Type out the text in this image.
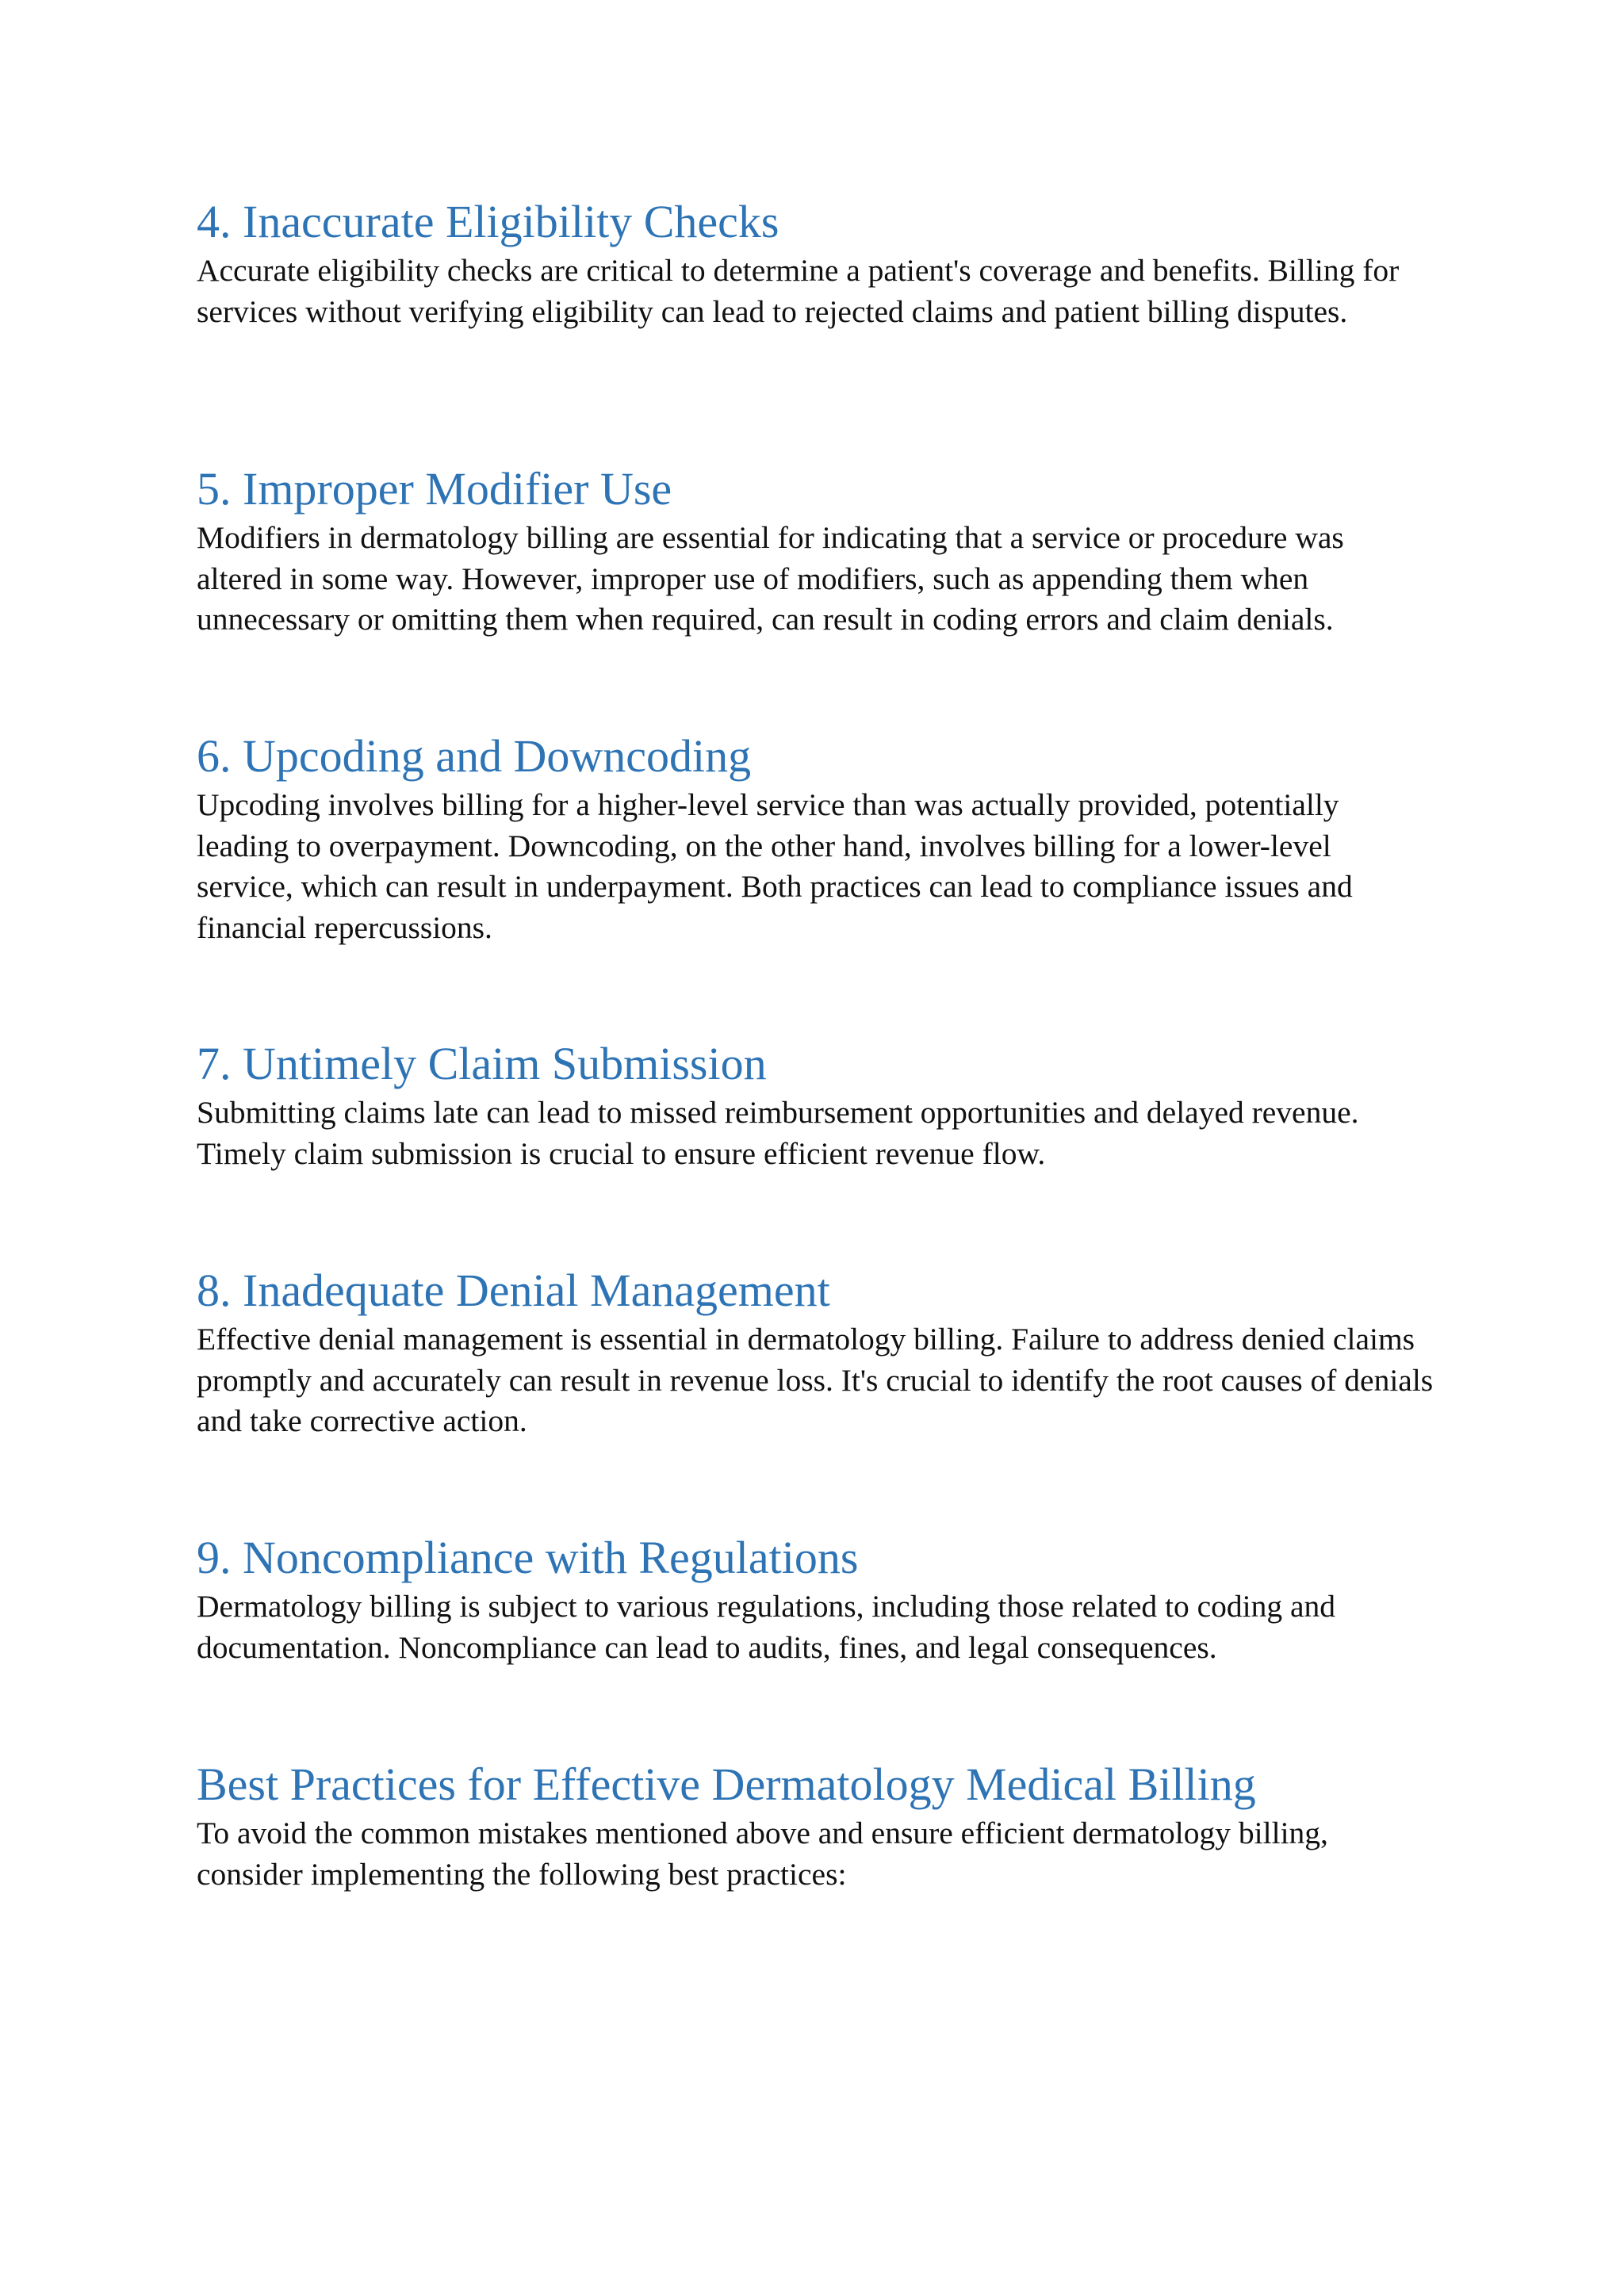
4. Inaccurate Eligibility Checks

Accurate eligibility checks are critical to determine a patient's coverage and benefits. Billing for services without verifying eligibility can lead to rejected claims and patient billing disputes.

5. Improper Modifier Use

Modifiers in dermatology billing are essential for indicating that a service or procedure was altered in some way. However, improper use of modifiers, such as appending them when unnecessary or omitting them when required, can result in coding errors and claim denials.

6. Upcoding and Downcoding

Upcoding involves billing for a higher-level service than was actually provided, potentially leading to overpayment. Downcoding, on the other hand, involves billing for a lower-level service, which can result in underpayment. Both practices can lead to compliance issues and financial repercussions.

7. Untimely Claim Submission

Submitting claims late can lead to missed reimbursement opportunities and delayed revenue. Timely claim submission is crucial to ensure efficient revenue flow.

8. Inadequate Denial Management

Effective denial management is essential in dermatology billing. Failure to address denied claims promptly and accurately can result in revenue loss. It's crucial to identify the root causes of denials and take corrective action.

9. Noncompliance with Regulations

Dermatology billing is subject to various regulations, including those related to coding and documentation. Noncompliance can lead to audits, fines, and legal consequences.

Best Practices for Effective Dermatology Medical Billing

To avoid the common mistakes mentioned above and ensure efficient dermatology billing, consider implementing the following best practices:
